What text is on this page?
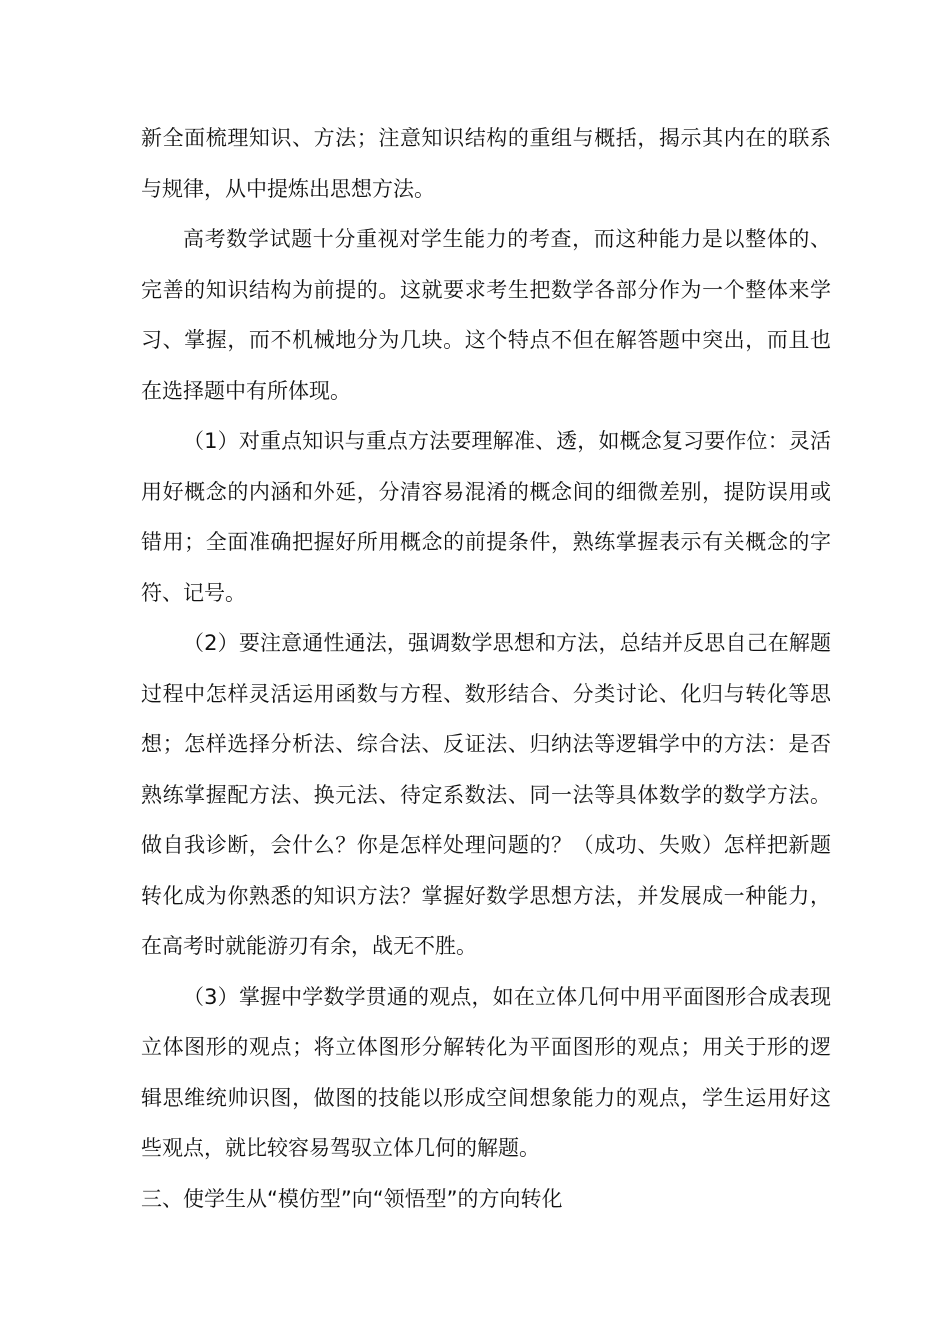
新全面梳理知识、方法；注意知识结构的重组与概括，揭示其内在的联系与规律，从中提炼出思想方法。

高考数学试题十分重视对学生能力的考查，而这种能力是以整体的、完善的知识结构为前提的。这就要求考生把数学各部分作为一个整体来学习、掌握，而不机械地分为几块。这个特点不但在解答题中突出，而且也在选择题中有所体现。

（1）对重点知识与重点方法要理解准、透，如概念复习要作位：灵活用好概念的内涵和外延，分清容易混淆的概念间的细微差别，提防误用或错用；全面准确把握好所用概念的前提条件，熟练掌握表示有关概念的字符、记号。

（2）要注意通性通法，强调数学思想和方法，总结并反思自己在解题过程中怎样灵活运用函数与方程、数形结合、分类讨论、化归与转化等思想；怎样选择分析法、综合法、反证法、归纳法等逻辑学中的方法：是否熟练掌握配方法、换元法、待定系数法、同一法等具体数学的数学方法。做自我诊断，会什么？你是怎样处理问题的？（成功、失败）怎样把新题转化成为你熟悉的知识方法？掌握好数学思想方法，并发展成一种能力，在高考时就能游刃有余，战无不胜。

（3）掌握中学数学贯通的观点，如在立体几何中用平面图形合成表现立体图形的观点；将立体图形分解转化为平面图形的观点；用关于形的逻辑思维统帅识图，做图的技能以形成空间想象能力的观点，学生运用好这些观点，就比较容易驾驭立体几何的解题。

三、使学生从“模仿型”向“领悟型”的方向转化
